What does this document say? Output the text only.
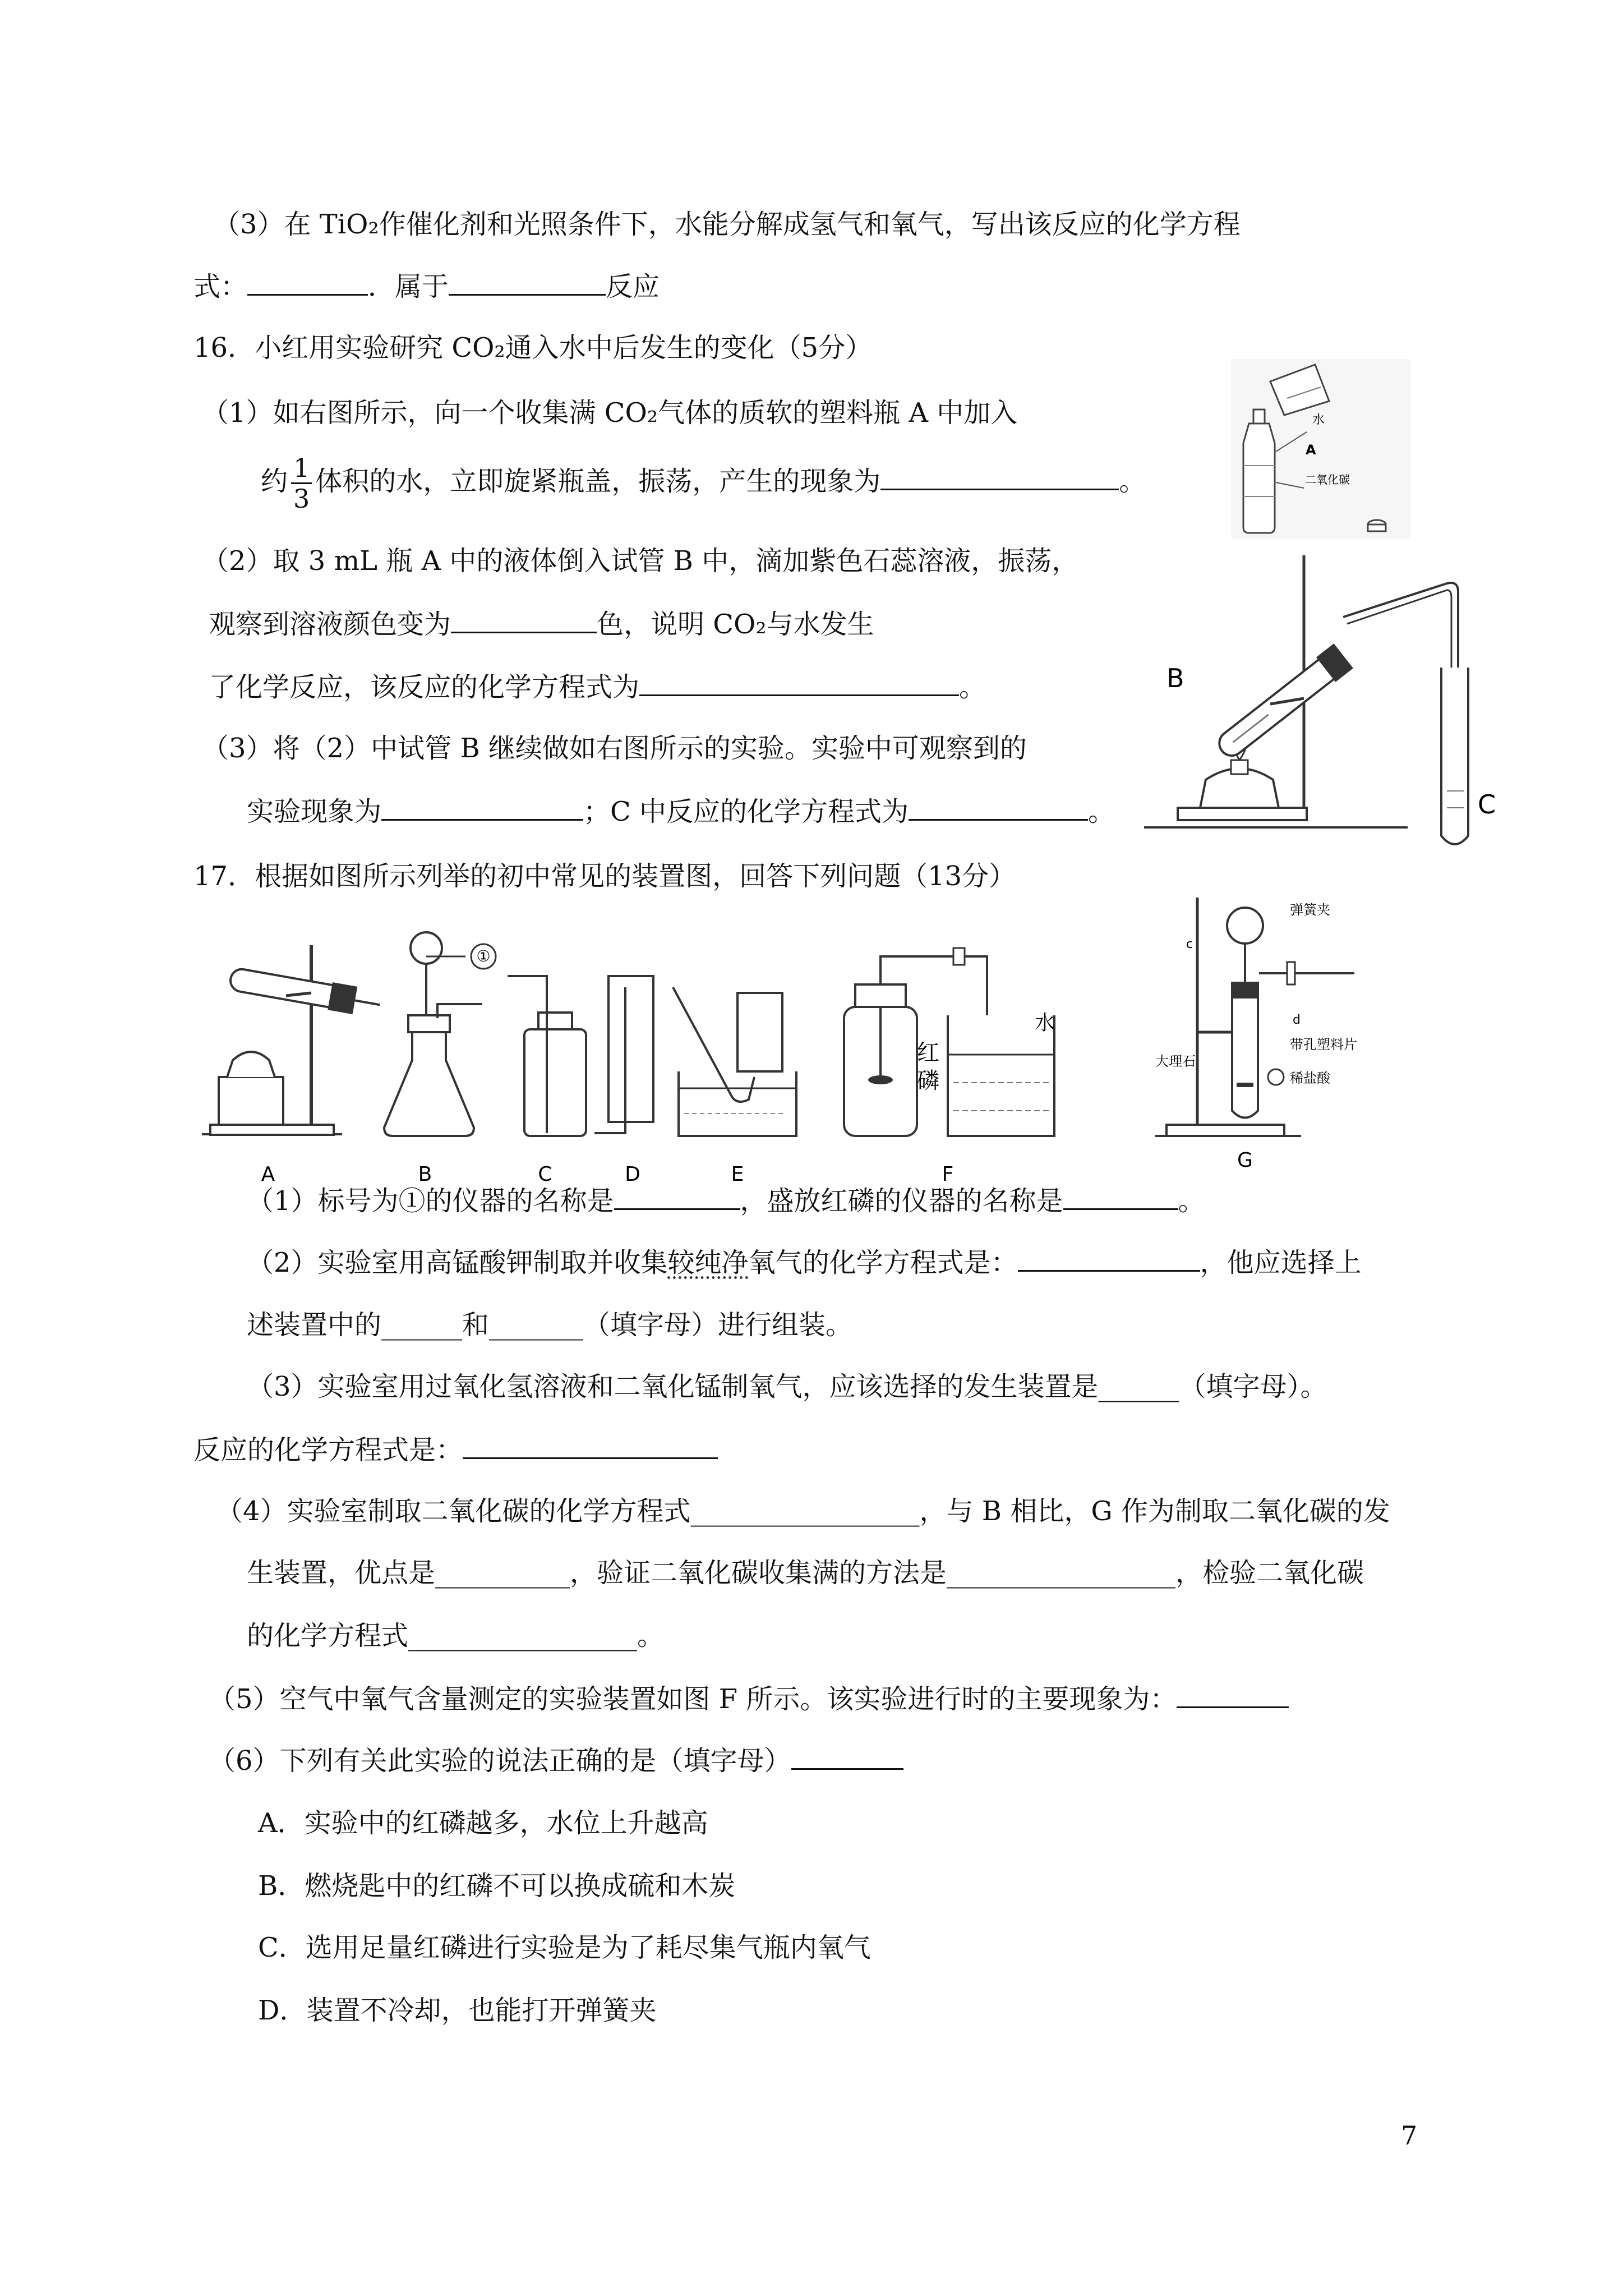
（3）在 TiO₂作催化剂和光照条件下，水能分解成氢气和氧气，写出该反应的化学方程
式：	．属于	反应
16．小红用实验研究 CO₂通入水中后发生的变化（5分）
（1）如右图所示，向一个收集满 CO₂气体的质软的塑料瓶 A 中加入
约 $\frac{1}{3}$ 体积的水，立即旋紧瓶盖，振荡，产生的现象为	。
（2）取 3 mL 瓶 A 中的液体倒入试管 B 中，滴加紫色石蕊溶液，振荡，
观察到溶液颜色变为	色，说明 CO₂与水发生
了化学反应，该反应的化学方程式为	。
（3）将（2）中试管 B 继续做如右图所示的实验。实验中可观察到的
实验现象为	；C 中反应的化学方程式为	。
水
A
二氧化碳
B
C
17．根据如图所示列举的初中常见的装置图，回答下列问题（13分）
①
红
磷
水
弹簧夹
c
d
大理石
带孔塑料片
稀盐酸
A	B	C	D	E	F
G
（1）标号为①的仪器的名称是	，盛放红磷的仪器的名称是	。
（2）实验室用高锰酸钾制取并收集较纯净氧气的化学方程式是：	，他应选择上
述装置中的______和_______（填字母）进行组装。
（3）实验室用过氧化氢溶液和二氧化锰制氧气，应该选择的发生装置是______（填字母）。
反应的化学方程式是：
（4）实验室制取二氧化碳的化学方程式_________________，与 B 相比，G 作为制取二氧化碳的发
生装置，优点是__________，验证二氧化碳收集满的方法是_________________，检验二氧化碳
的化学方程式_________________。
（5）空气中氧气含量测定的实验装置如图 F 所示。该实验进行时的主要现象为：
（6）下列有关此实验的说法正确的是（填字母）
A．实验中的红磷越多，水位上升越高
B．燃烧匙中的红磷不可以换成硫和木炭
C．选用足量红磷进行实验是为了耗尽集气瓶内氧气
D．装置不冷却，也能打开弹簧夹
7
